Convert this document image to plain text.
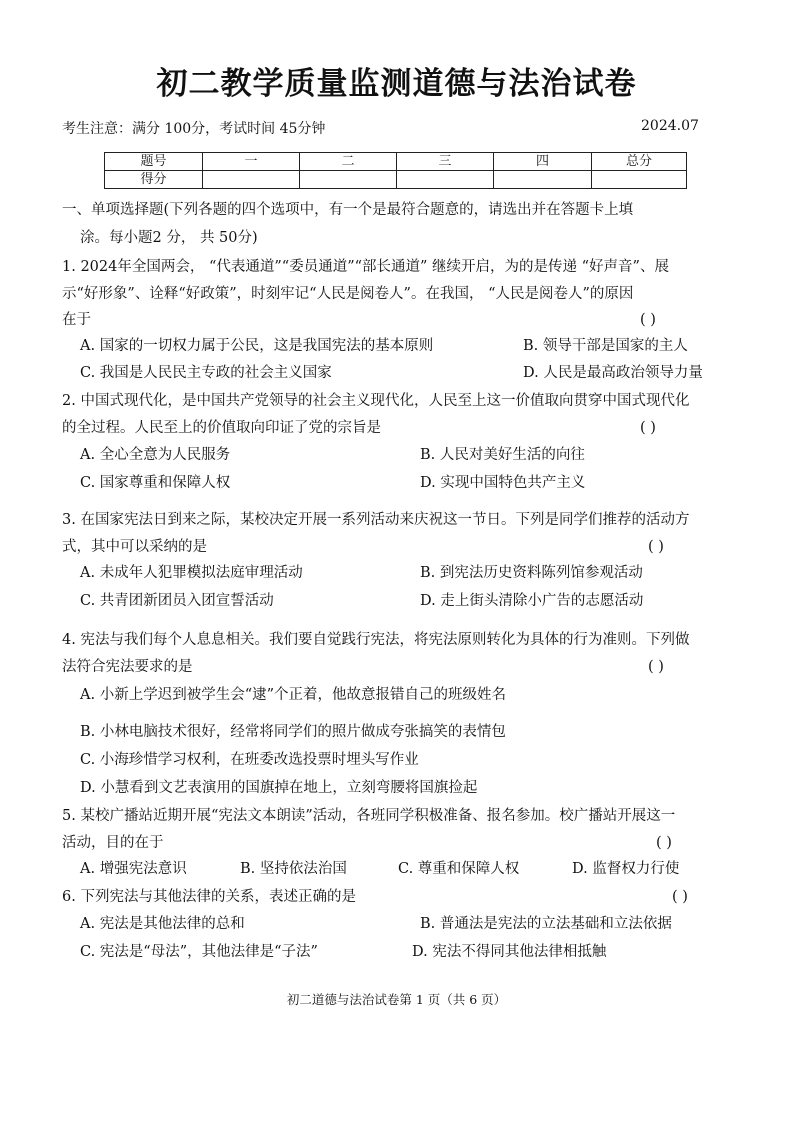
初二教学质量监测道德与法治试卷
考生注意：满分 100分，考试时间 45分钟	2024.07
题号	一	二	三	四	总分
得分					
一、单项选择题(下列各题的四个选项中，有一个是最符合题意的，请选出并在答题卡上填
涂。每小题2 分， 共 50分)
1. 2024年全国两会， “代表通道”“委员通道”“部长通道” 继续开启，为的是传递 “好声音”、展
示“好形象”、诠释“好政策”，时刻牢记“人民是阅卷人”。在我国， “人民是阅卷人”的原因
在于	( )
A. 国家的一切权力属于公民，这是我国宪法的基本原则	B. 领导干部是国家的主人
C. 我国是人民民主专政的社会主义国家	D. 人民是最高政治领导力量
2. 中国式现代化，是中国共产党领导的社会主义现代化，人民至上这一价值取向贯穿中国式现代化
的全过程。人民至上的价值取向印证了党的宗旨是	( )
A. 全心全意为人民服务	B. 人民对美好生活的向往
C. 国家尊重和保障人权	D. 实现中国特色共产主义
3. 在国家宪法日到来之际，某校决定开展一系列活动来庆祝这一节日。下列是同学们推荐的活动方
式，其中可以采纳的是	( )
A. 未成年人犯罪模拟法庭审理活动	B. 到宪法历史资料陈列馆参观活动
C. 共青团新团员入团宣誓活动	D. 走上街头清除小广告的志愿活动
4. 宪法与我们每个人息息相关。我们要自觉践行宪法，将宪法原则转化为具体的行为准则。下列做
法符合宪法要求的是	( )
A. 小新上学迟到被学生会“逮”个正着，他故意报错自己的班级姓名
B. 小林电脑技术很好，经常将同学们的照片做成夸张搞笑的表情包
C. 小海珍惜学习权利，在班委改选投票时埋头写作业
D. 小慧看到文艺表演用的国旗掉在地上，立刻弯腰将国旗捡起
5. 某校广播站近期开展“宪法文本朗读”活动，各班同学积极准备、报名参加。校广播站开展这一
活动，目的在于	( )
A. 增强宪法意识	B. 坚持依法治国	C. 尊重和保障人权	D. 监督权力行使
6. 下列宪法与其他法律的关系，表述正确的是	( )
A. 宪法是其他法律的总和	B. 普通法是宪法的立法基础和立法依据
C. 宪法是“母法”，其他法律是“子法”	D. 宪法不得同其他法律相抵触
初二道德与法治试卷第 1 页（共 6 页）
